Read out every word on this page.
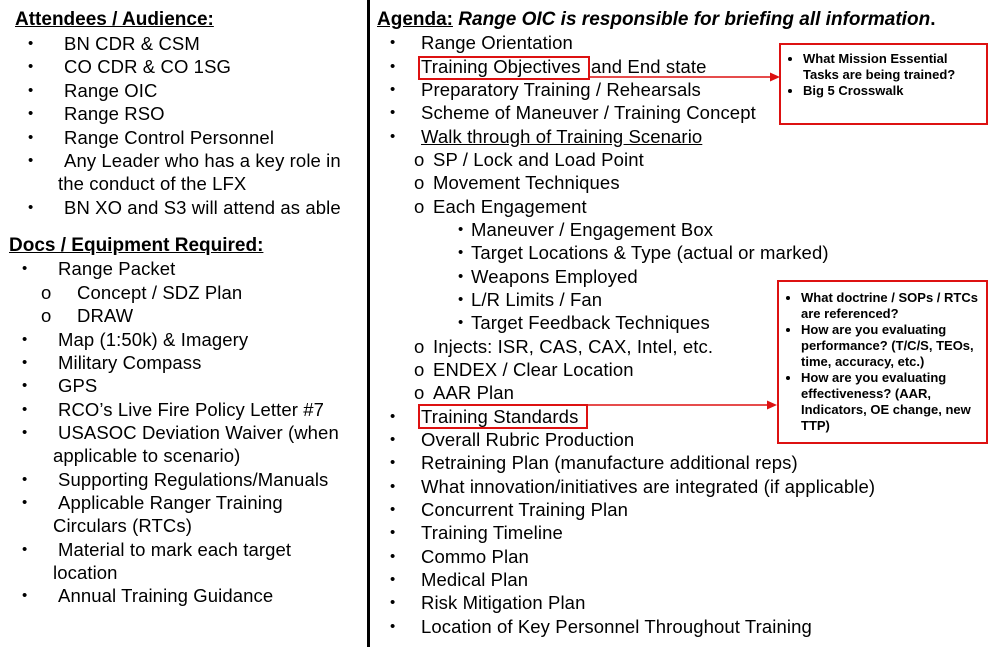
Attendees / Audience:
• BN CDR & CSM
• CO CDR & CO 1SG
• Range OIC
• Range RSO
• Range Control Personnel
• Any Leader who has a key role in
the conduct of the LFX
• BN XO and S3 will attend as able
Docs / Equipment Required:
• Range Packet
o Concept / SDZ Plan
o DRAW
• Map (1:50k) & Imagery
• Military Compass
• GPS
• RCO’s Live Fire Policy Letter #7
• USASOC Deviation Waiver (when
applicable to scenario)
• Supporting Regulations/Manuals
• Applicable Ranger Training
Circulars (RTCs)
• Material to mark each target
location
• Annual Training Guidance
Agenda: Range OIC is responsible for briefing all information.
• Range Orientation
• Training Objectives and End state
• Preparatory Training / Rehearsals
• Scheme of Maneuver / Training Concept
• Walk through of Training Scenario
o SP / Lock and Load Point
o Movement Techniques
o Each Engagement
• Maneuver / Engagement Box
• Target Locations & Type (actual or marked)
• Weapons Employed
• L/R Limits / Fan
• Target Feedback Techniques
o Injects: ISR, CAS, CAX, Intel, etc.
o ENDEX / Clear Location
o AAR Plan
• Training Standards
• Overall Rubric Production
• Retraining Plan (manufacture additional reps)
• What innovation/initiatives are integrated (if applicable)
• Concurrent Training Plan
• Training Timeline
• Commo Plan
• Medical Plan
• Risk Mitigation Plan
• Location of Key Personnel Throughout Training
• What Mission Essential Tasks are being trained?
• Big 5 Crosswalk
• What doctrine / SOPs / RTCs are referenced?
• How are you evaluating performance? (T/C/S, TEOs, time, accuracy, etc.)
• How are you evaluating effectiveness? (AAR, Indicators, OE change, new TTP)
